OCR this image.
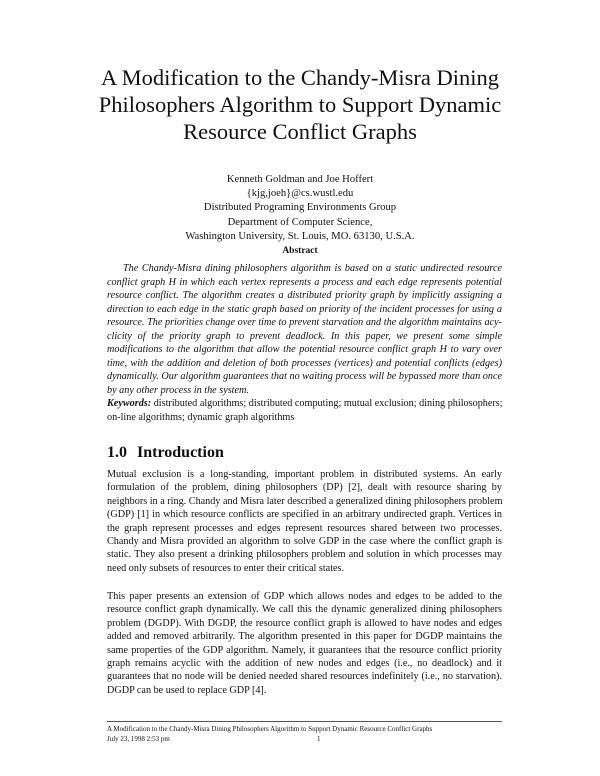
A Modification to the Chandy-Misra Dining
Philosophers Algorithm to Support Dynamic
Resource Conflict Graphs
Kenneth Goldman and Joe Hoffert
{kjg,joeh}@cs.wustl.edu
Distributed Programing Environments Group
Department of Computer Science,
Washington University, St. Louis, MO. 63130, U.S.A.
Abstract
The Chandy-Misra dining philosophers algorithm is based on a static undirected resource
conflict graph H in which each vertex represents a process and each edge represents potential
resource conflict. The algorithm creates a distributed priority graph by implicitly assigning a
direction to each edge in the static graph based on priority of the incident processes for using a
resource. The priorities change over time to prevent starvation and the algorithm maintains acy-
clicity of the priority graph to prevent deadlock. In this paper, we present some simple
modifications to the algorithm that allow the potential resource conflict graph H to vary over
time, with the addition and deletion of both processes (vertices) and potential conflicts (edges)
dynamically. Our algorithm guarantees that no waiting process will be bypassed more than once
by any other process in the system.
Keywords: distributed algorithms; distributed computing; mutual exclusion; dining philosophers;
on-line algorithms; dynamic graph algorithms
1.0 Introduction
Mutual exclusion is a long-standing, important problem in distributed systems. An early
formulation of the problem, dining philosophers (DP) [2], dealt with resource sharing by
neighbors in a ring. Chandy and Misra later described a generalized dining philosophers problem
(GDP) [1] in which resource conflicts are specified in an arbitrary undirected graph. Vertices in
the graph represent processes and edges represent resources shared between two processes.
Chandy and Misra provided an algorithm to solve GDP in the case where the conflict graph is
static. They also present a drinking philosophers problem and solution in which processes may
need only subsets of resources to enter their critical states.
This paper presents an extension of GDP which allows nodes and edges to be added to the
resource conflict graph dynamically. We call this the dynamic generalized dining philosophers
problem (DGDP). With DGDP, the resource conflict graph is allowed to have nodes and edges
added and removed arbitrarily. The algorithm presented in this paper for DGDP maintains the
same properties of the GDP algorithm. Namely, it guarantees that the resource conflict priority
graph remains acyclic with the addition of new nodes and edges (i.e., no deadlock) and it
guarantees that no node will be denied needed shared resources indefinitely (i.e., no starvation).
DGDP can be used to replace GDP [4].
A Modification to the Chandy-Misra Dining Philosophers Algorithm to Support Dynamic Resource Conflict Graphs
July 23, 1998 2:53 pm	1
